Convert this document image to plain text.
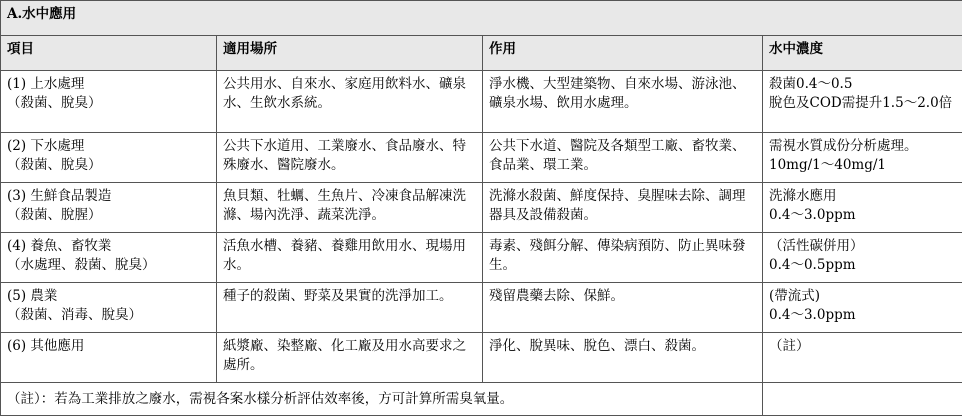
A.水中應用			
項目	適用場所	作用	水中濃度

(1) 上水處理
（殺菌、脫臭）	公共用水、自來水、家庭用飲料水、礦泉水、生飲水系統。	淨水機、大型建築物、自來水場、游泳池、礦泉水場、飲用水處理。	殺菌0.4～0.5
脫色及COD需提升1.5～2.0倍

(2) 下水處理
（殺菌、脫臭）	公共下水道用、工業廢水、食品廢水、特殊廢水、醫院廢水。	公共下水道、醫院及各類型工廠、畜牧業、食品業、環工業。	需視水質成份分析處理。
10mg/1～40mg/1

(3) 生鮮食品製造
（殺菌、脫腥）	魚貝類、牡蠣、生魚片、冷凍食品解凍洗滌、場內洗淨、蔬菜洗淨。	洗滌水殺菌、鮮度保持、臭腥味去除、調理器具及設備殺菌。	洗滌水應用
0.4～3.0ppm

(4) 養魚、畜牧業
（水處理、殺菌、脫臭）	活魚水槽、養豬、養雞用飲用水、現場用水。	毒素、殘餌分解、傳染病預防、防止異味發生。	（活性碳併用）
0.4～0.5ppm

(5) 農業
（殺菌、消毒、脫臭）	種子的殺菌、野菜及果實的洗淨加工。	殘留農藥去除、保鮮。	(帶流式)
0.4～3.0ppm

(6) 其他應用	紙漿廠、染整廠、化工廠及用水高要求之處所。	淨化、脫異味、脫色、漂白、殺菌。	（註）

（註）：若為工業排放之廢水，需視各案水樣分析評估效率後，方可計算所需臭氧量。			
